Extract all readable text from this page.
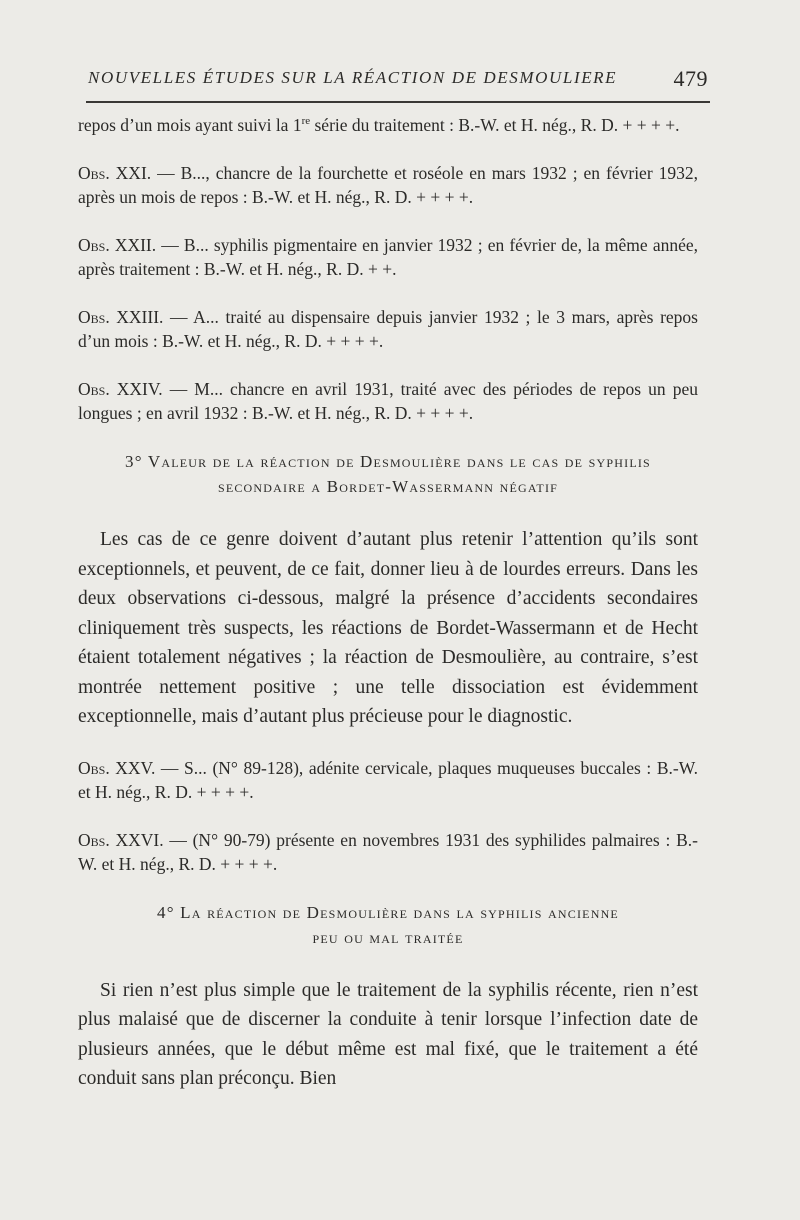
NOUVELLES ÉTUDES SUR LA RÉACTION DE DESMOULIERE	479

repos d’un mois ayant suivi la 1re série du traitement : B.-W. et H. nég., R. D. + + + +.

Obs. XXI. — B..., chancre de la fourchette et roséole en mars 1932 ; en février 1932, après un mois de repos : B.-W. et H. nég., R. D. + + + +.

Obs. XXII. — B... syphilis pigmentaire en janvier 1932 ; en février de, la même année, après traitement : B.-W. et H. nég., R. D. + +.

Obs. XXIII. — A... traité au dispensaire depuis janvier 1932 ; le 3 mars, après repos d’un mois : B.-W. et H. nég., R. D. + + + +.

Obs. XXIV. — M... chancre en avril 1931, traité avec des périodes de repos un peu longues ; en avril 1932 : B.-W. et H. nég., R. D. + + + +.

3° Valeur de la réaction de Desmoulière dans le cas de syphilis
secondaire a Bordet-Wassermann négatif

Les cas de ce genre doivent d’autant plus retenir l’attention qu’ils sont exceptionnels, et peuvent, de ce fait, donner lieu à de lourdes erreurs. Dans les deux observations ci-dessous, malgré la présence d’accidents secondaires cliniquement très suspects, les réactions de Bordet-Wassermann et de Hecht étaient totalement négatives ; la réaction de Desmoulière, au contraire, s’est montrée nettement positive ; une telle dissociation est évidemment exceptionnelle, mais d’autant plus précieuse pour le diagnostic.

Obs. XXV. — S... (N° 89-128), adénite cervicale, plaques muqueuses buccales : B.-W. et H. nég., R. D. + + + +.

Obs. XXVI. — (N° 90-79) présente en novembres 1931 des syphilides palmaires : B.-W. et H. nég., R. D. + + + +.

4° La réaction de Desmoulière dans la syphilis ancienne
peu ou mal traitée

Si rien n’est plus simple que le traitement de la syphilis récente, rien n’est plus malaisé que de discerner la conduite à tenir lorsque l’infection date de plusieurs années, que le début même est mal fixé, que le traitement a été conduit sans plan préconçu. Bien
